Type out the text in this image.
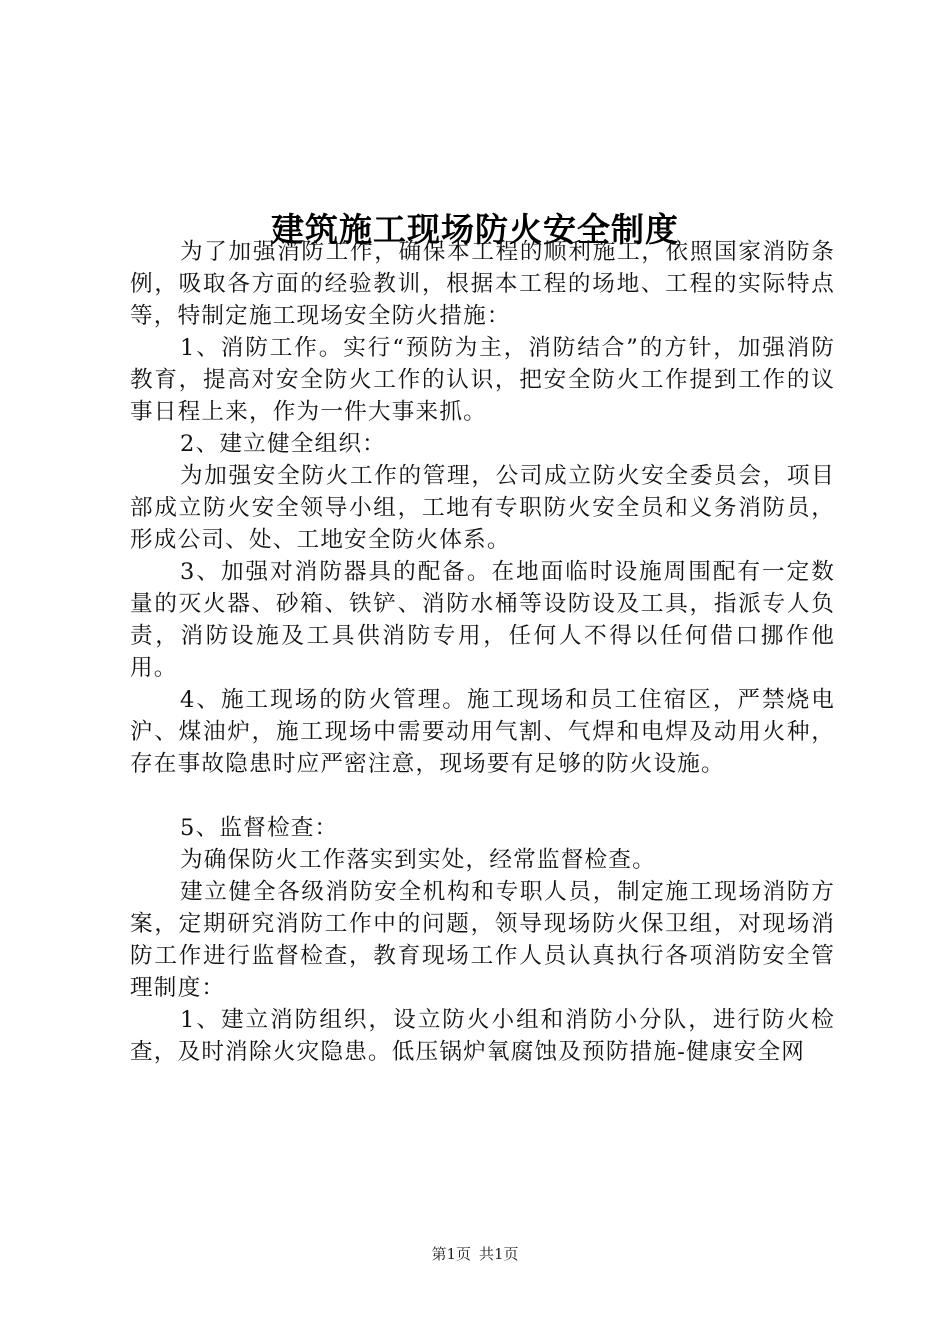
建筑施工现场防火安全制度

为了加强消防工作，确保本工程的顺利施工，依照国家消防条例，吸取各方面的经验教训，根据本工程的场地、工程的实际特点等，特制定施工现场安全防火措施：

1、消防工作。实行“预防为主，消防结合”的方针，加强消防教育，提高对安全防火工作的认识，把安全防火工作提到工作的议事日程上来，作为一件大事来抓。

2、建立健全组织：

为加强安全防火工作的管理，公司成立防火安全委员会，项目部成立防火安全领导小组，工地有专职防火安全员和义务消防员，形成公司、处、工地安全防火体系。

3、加强对消防器具的配备。在地面临时设施周围配有一定数量的灭火器、砂箱、铁铲、消防水桶等设防设及工具，指派专人负责，消防设施及工具供消防专用，任何人不得以任何借口挪作他用。

4、施工现场的防火管理。施工现场和员工住宿区，严禁烧电沪、煤油炉，施工现场中需要动用气割、气焊和电焊及动用火种，存在事故隐患时应严密注意，现场要有足够的防火设施。

5、监督检查：

为确保防火工作落实到实处，经常监督检查。

建立健全各级消防安全机构和专职人员，制定施工现场消防方案，定期研究消防工作中的问题，领导现场防火保卫组，对现场消防工作进行监督检查，教育现场工作人员认真执行各项消防安全管理制度：

1、建立消防组织，设立防火小组和消防小分队，进行防火检查，及时消除火灾隐患。低压锅炉氧腐蚀及预防措施-健康安全网

第1页 共1页
